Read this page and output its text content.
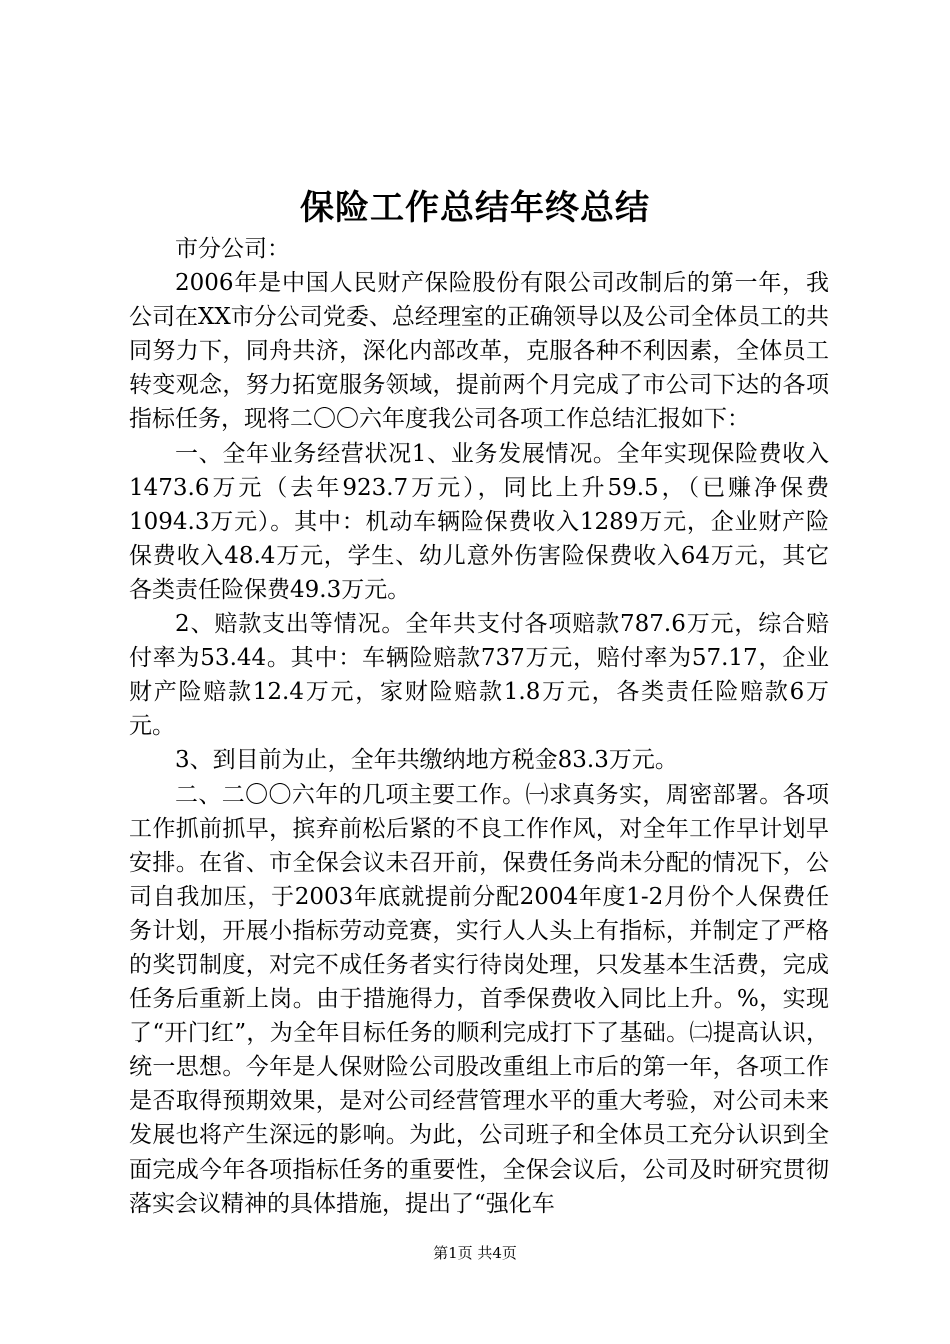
保险工作总结年终总结

市分公司：

2006年是中国人民财产保险股份有限公司改制后的第一年，我公司在XX市分公司党委、总经理室的正确领导以及公司全体员工的共同努力下，同舟共济，深化内部改革，克服各种不利因素，全体员工转变观念，努力拓宽服务领域，提前两个月完成了市公司下达的各项指标任务，现将二〇〇六年度我公司各项工作总结汇报如下：

一、全年业务经营状况1、业务发展情况。全年实现保险费收入1473.6万元（去年923.7万元），同比上升59.5，（已赚净保费1094.3万元）。其中：机动车辆险保费收入1289万元，企业财产险保费收入48.4万元，学生、幼儿意外伤害险保费收入64万元，其它各类责任险保费49.3万元。

2、赔款支出等情况。全年共支付各项赔款787.6万元，综合赔付率为53.44。其中：车辆险赔款737万元，赔付率为57.17，企业财产险赔款12.4万元，家财险赔款1.8万元，各类责任险赔款6万元。

3、到目前为止，全年共缴纳地方税金83.3万元。

二、二〇〇六年的几项主要工作。㈠求真务实，周密部署。各项工作抓前抓早，摈弃前松后紧的不良工作作风，对全年工作早计划早安排。在省、市全保会议未召开前，保费任务尚未分配的情况下，公司自我加压，于2003年底就提前分配2004年度1-2月份个人保费任务计划，开展小指标劳动竞赛，实行人人头上有指标，并制定了严格的奖罚制度，对完不成任务者实行待岗处理，只发基本生活费，完成任务后重新上岗。由于措施得力，首季保费收入同比上升。%，实现了“开门红”，为全年目标任务的顺利完成打下了基础。㈡提高认识，统一思想。今年是人保财险公司股改重组上市后的第一年，各项工作是否取得预期效果，是对公司经营管理水平的重大考验，对公司未来发展也将产生深远的影响。为此，公司班子和全体员工充分认识到全面完成今年各项指标任务的重要性，全保会议后，公司及时研究贯彻落实会议精神的具体措施，提出了“强化车

第1页 共4页
